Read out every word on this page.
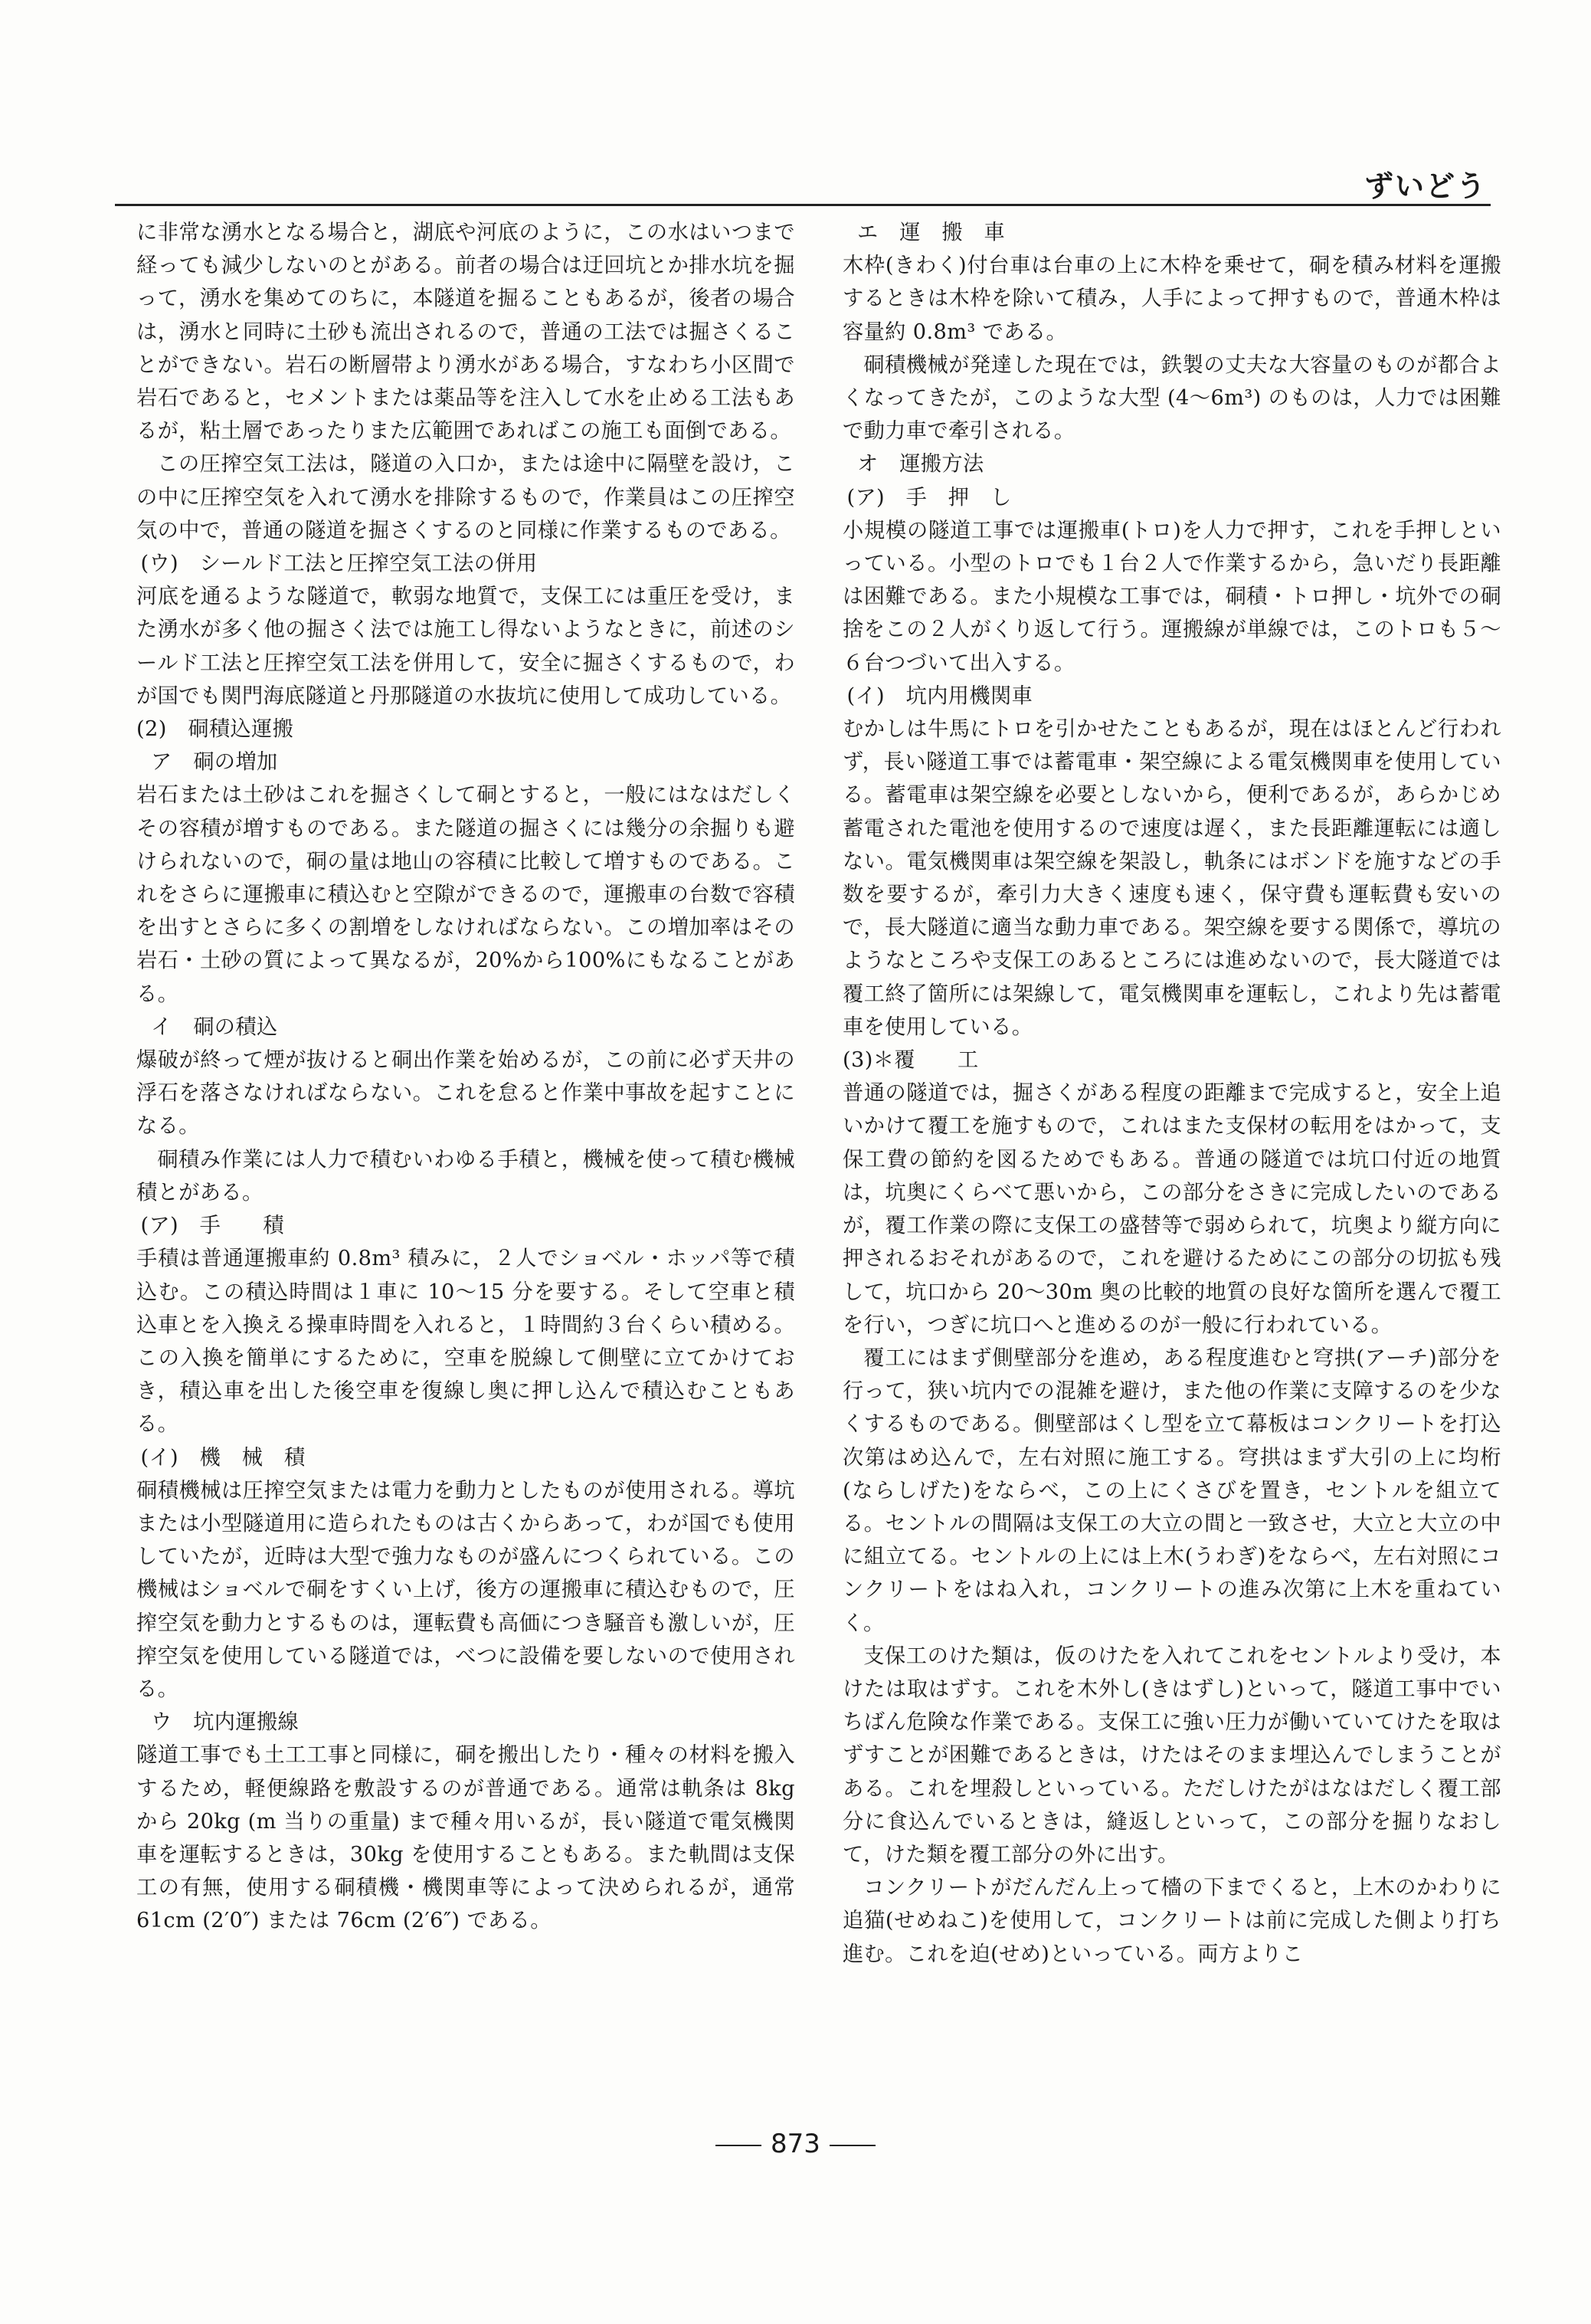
ずいどう

に非常な湧水となる場合と，湖底や河底のように，この水はいつまで経っても減少しないのとがある。前者の場合は迂回坑とか排水坑を掘って，湧水を集めてのちに，本隧道を掘ることもあるが，後者の場合は，湧水と同時に土砂も流出されるので，普通の工法では掘さくることができない。岩石の断層帯より湧水がある場合，すなわち小区間で岩石であると，セメントまたは薬品等を注入して水を止める工法もあるが，粘土層であったりまた広範囲であればこの施工も面倒である。

この圧搾空気工法は，隧道の入口か，または途中に隔壁を設け，この中に圧搾空気を入れて湧水を排除するもので，作業員はこの圧搾空気の中で，普通の隧道を掘さくするのと同様に作業するものである。

(ウ)　シールド工法と圧搾空気工法の併用

河底を通るような隧道で，軟弱な地質で，支保工には重圧を受け，また湧水が多く他の掘さく法では施工し得ないようなときに，前述のシールド工法と圧搾空気工法を併用して，安全に掘さくするもので，わが国でも関門海底隧道と丹那隧道の水抜坑に使用して成功している。

(2)　硐積込運搬

ア　硐の増加

岩石または土砂はこれを掘さくして硐とすると，一般にはなはだしくその容積が増すものである。また隧道の掘さくには幾分の余掘りも避けられないので，硐の量は地山の容積に比較して増すものである。これをさらに運搬車に積込むと空隙ができるので，運搬車の台数で容積を出すとさらに多くの割増をしなければならない。この増加率はその岩石・土砂の質によって異なるが，20%から100%にもなることがある。

イ　硐の積込

爆破が終って煙が抜けると硐出作業を始めるが，この前に必ず天井の浮石を落さなければならない。これを怠ると作業中事故を起すことになる。

硐積み作業には人力で積むいわゆる手積と，機械を使って積む機械積とがある。

(ア)　手　　積

手積は普通運搬車約 0.8m³ 積みに，２人でショベル・ホッパ等で積込む。この積込時間は１車に 10～15 分を要する。そして空車と積込車とを入換える操車時間を入れると，１時間約３台くらい積める。この入換を簡単にするために，空車を脱線して側壁に立てかけておき，積込車を出した後空車を復線し奥に押し込んで積込むこともある。

(イ)　機　械　積

硐積機械は圧搾空気または電力を動力としたものが使用される。導坑または小型隧道用に造られたものは古くからあって，わが国でも使用していたが，近時は大型で強力なものが盛んにつくられている。この機械はショベルで硐をすくい上げ，後方の運搬車に積込むもので，圧搾空気を動力とするものは，運転費も高価につき騒音も激しいが，圧搾空気を使用している隧道では，べつに設備を要しないので使用される。

ウ　坑内運搬線

隧道工事でも土工工事と同様に，硐を搬出したり・種々の材料を搬入するため，軽便線路を敷設するのが普通である。通常は軌条は 8kg から 20kg (m 当りの重量) まで種々用いるが，長い隧道で電気機関車を運転するときは，30kg を使用することもある。また軌間は支保工の有無，使用する硐積機・機関車等によって決められるが，通常 61cm (2′0″) または 76cm (2′6″) である。

エ　運　搬　車

木枠(きわく)付台車は台車の上に木枠を乗せて，硐を積み材料を運搬するときは木枠を除いて積み，人手によって押すもので，普通木枠は容量約 0.8m³ である。

硐積機械が発達した現在では，鉄製の丈夫な大容量のものが都合よくなってきたが，このような大型 (4～6m³) のものは，人力では困難で動力車で牽引される。

オ　運搬方法

(ア)　手　押　し

小規模の隧道工事では運搬車(トロ)を人力で押す，これを手押しといっている。小型のトロでも１台２人で作業するから，急いだり長距離は困難である。また小規模な工事では，硐積・トロ押し・坑外での硐捨をこの２人がくり返して行う。運搬線が単線では，このトロも５～６台つづいて出入する。

(イ)　坑内用機関車

むかしは牛馬にトロを引かせたこともあるが，現在はほとんど行われず，長い隧道工事では蓄電車・架空線による電気機関車を使用している。蓄電車は架空線を必要としないから，便利であるが，あらかじめ蓄電された電池を使用するので速度は遅く，また長距離運転には適しない。電気機関車は架空線を架設し，軌条にはボンドを施すなどの手数を要するが，牽引力大きく速度も速く，保守費も運転費も安いので，長大隧道に適当な動力車である。架空線を要する関係で，導坑のようなところや支保工のあるところには進めないので，長大隧道では覆工終了箇所には架線して，電気機関車を運転し，これより先は蓄電車を使用している。

(3)＊覆　　工

普通の隧道では，掘さくがある程度の距離まで完成すると，安全上追いかけて覆工を施すもので，これはまた支保材の転用をはかって，支保工費の節約を図るためでもある。普通の隧道では坑口付近の地質は，坑奥にくらべて悪いから，この部分をさきに完成したいのであるが，覆工作業の際に支保工の盛替等で弱められて，坑奥より縦方向に押されるおそれがあるので，これを避けるためにこの部分の切拡も残して，坑口から 20～30m 奥の比較的地質の良好な箇所を選んで覆工を行い，つぎに坑口へと進めるのが一般に行われている。

覆工にはまず側壁部分を進め，ある程度進むと穹拱(アーチ)部分を行って，狭い坑内での混雑を避け，また他の作業に支障するのを少なくするものである。側壁部はくし型を立て幕板はコンクリートを打込次第はめ込んで，左右対照に施工する。穹拱はまず大引の上に均桁(ならしげた)をならべ，この上にくさびを置き，セントルを組立てる。セントルの間隔は支保工の大立の間と一致させ，大立と大立の中に組立てる。セントルの上には上木(うわぎ)をならべ，左右対照にコンクリートをはね入れ，コンクリートの進み次第に上木を重ねていく。

支保工のけた類は，仮のけたを入れてこれをセントルより受け，本けたは取はずす。これを木外し(きはずし)といって，隧道工事中でいちばん危険な作業である。支保工に強い圧力が働いていてけたを取はずすことが困難であるときは，けたはそのまま埋込んでしまうことがある。これを埋殺しといっている。ただしけたがはなはだしく覆工部分に食込んでいるときは，縫返しといって，この部分を掘りなおして，けた類を覆工部分の外に出す。

コンクリートがだんだん上って檣の下までくると，上木のかわりに追猫(せめねこ)を使用して，コンクリートは前に完成した側より打ち進む。これを迫(せめ)といっている。両方よりこ

873
